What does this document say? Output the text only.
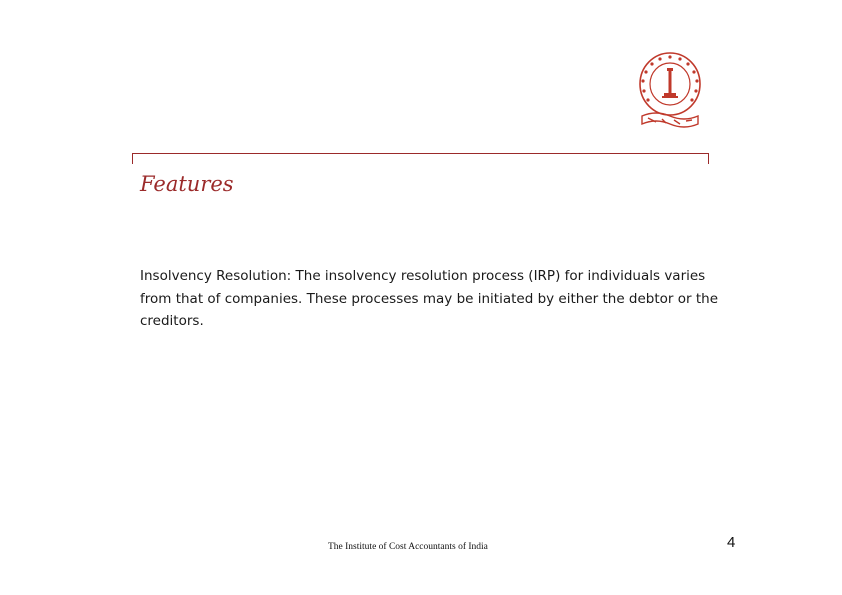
Features

Insolvency Resolution: The insolvency resolution process (IRP) for individuals varies from that of companies. These processes may be initiated by either the debtor or the creditors.

The Institute of Cost Accountants of India	4
